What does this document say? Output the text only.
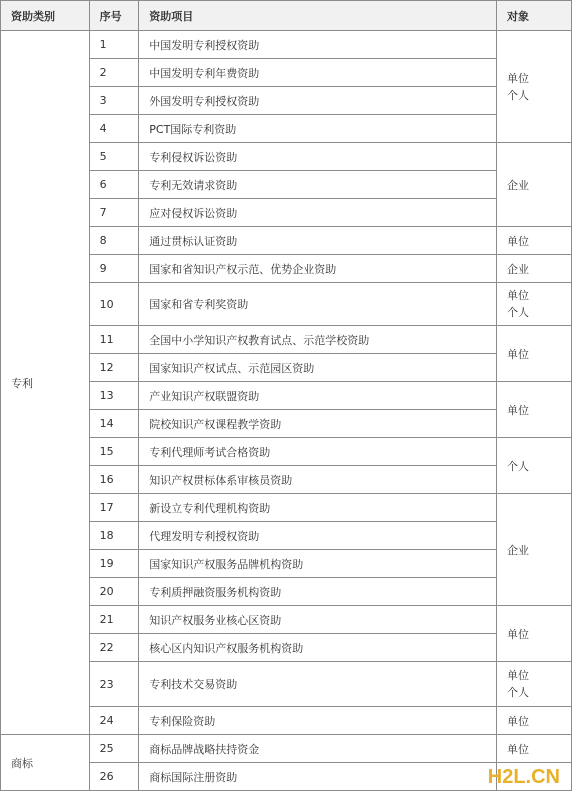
资助类别	序号	资助项目	对象
专利	1	中国发明专利授权资助	单位
个人

	2	中国发明专利年费资助	
	3	外国发明专利授权资助	
	4	PCT国际专利资助	
	5	专利侵权诉讼资助	企业
	6	专利无效请求资助	
	7	应对侵权诉讼资助	
	8	通过贯标认证资助	单位
	9	国家和省知识产权示范、优势企业资助	企业
	10	国家和省专利奖资助	单位
个人

	11	全国中小学知识产权教育试点、示范学校资助	单位
	12	国家知识产权试点、示范园区资助	
	13	产业知识产权联盟资助	单位
	14	院校知识产权课程教学资助	
	15	专利代理师考试合格资助	个人
	16	知识产权贯标体系审核员资助	
	17	新设立专利代理机构资助	企业
	18	代理发明专利授权资助	
	19	国家知识产权服务品牌机构资助	
	20	专利质押融资服务机构资助	
	21	知识产权服务业核心区资助	单位
	22	核心区内知识产权服务机构资助	
	23	专利技术交易资助	单位
个人

	24	专利保险资助	单位
商标	25	商标品牌战略扶持资金	单位
	26	商标国际注册资助		H2L.CN
